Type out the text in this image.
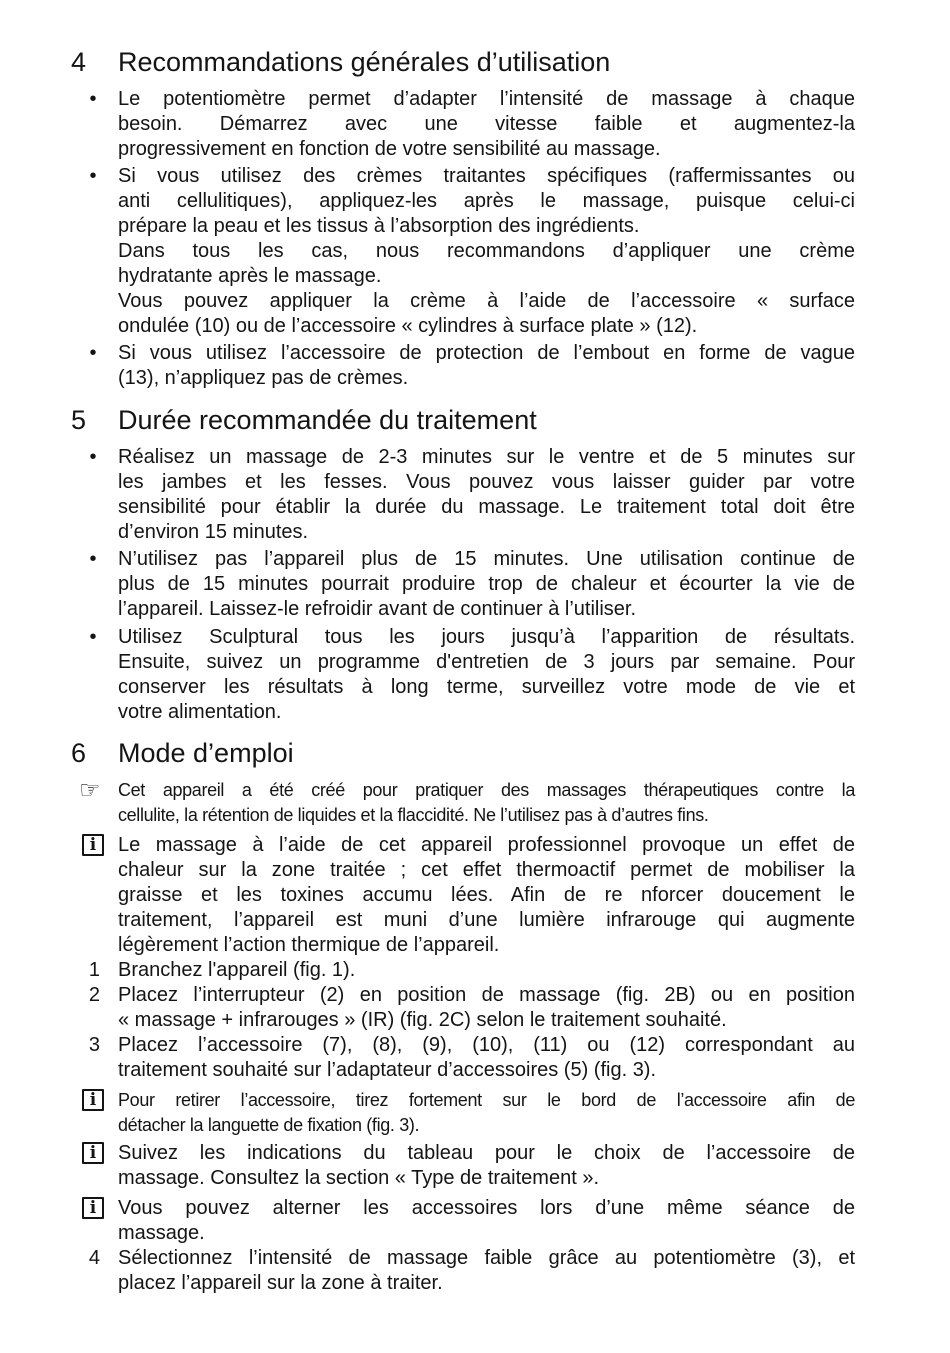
4 Recommandations générales d’utilisation
• Le potentiomètre permet d’adapter l’intensité de massage à chaque
besoin. Démarrez avec une vitesse faible et augmentez-la
progressivement en fonction de votre sensibilité au massage.

• Si vous utilisez des crèmes traitantes spécifiques (raffermissantes ou
anti cellulitiques), appliquez-les après le massage, puisque celui-ci
prépare la peau et les tissus à l’absorption des ingrédients.

Dans tous les cas, nous recommandons d’appliquer une crème
hydratante après le massage.

Vous pouvez appliquer la crème à l’aide de l’accessoire « surface
ondulée (10) ou de l’accessoire « cylindres à surface plate » (12).

• Si vous utilisez l’accessoire de protection de l’embout en forme de vague
(13), n’appliquez pas de crèmes.

5 Durée recommandée du traitement
• Réalisez un massage de 2-3 minutes sur le ventre et de 5 minutes sur
les jambes et les fesses. Vous pouvez vous laisser guider par votre
sensibilité pour établir la durée du massage. Le traitement total doit être
d’environ 15 minutes.

• N’utilisez pas l’appareil plus de 15 minutes. Une utilisation continue de
plus de 15 minutes pourrait produire trop de chaleur et écourter la vie de
l’appareil. Laissez-le refroidir avant de continuer à l’utiliser.

• Utilisez Sculptural tous les jours jusqu’à l’apparition de résultats.
Ensuite, suivez un programme d'entretien de 3 jours par semaine. Pour
conserver les résultats à long terme, surveillez votre mode de vie et
votre alimentation.

6 Mode d’emploi
☞

Cet appareil a été créé pour pratiquer des massages thérapeutiques contre la
cellulite, la rétention de liquides et la flaccidité. Ne l’utilisez pas à d’autres fins.

i

Le massage à l’aide de cet appareil professionnel provoque un effet de
chaleur sur la zone traitée ; cet effet thermoactif permet de mobiliser la
graisse et les toxines accumu lées. Afin de re nforcer doucement le
traitement, l’appareil est muni d’une lumière infrarouge qui augmente
légèrement l’action thermique de l’appareil.

1 Branchez l'appareil (fig. 1).

2 Placez l’interrupteur (2) en position de massage (fig. 2B) ou en position
« massage + infrarouges » (IR) (fig. 2C) selon le traitement souhaité.

3 Placez l’accessoire (7), (8), (9), (10), (11) ou (12) correspondant au
traitement souhaité sur l’adaptateur d’accessoires (5) (fig. 3).

i

Pour retirer l’accessoire, tirez fortement sur le bord de l’accessoire afin de
détacher la languette de fixation (fig. 3).

i

Suivez les indications du tableau pour le choix de l’accessoire de
massage. Consultez la section « Type de traitement ».

i

Vous pouvez alterner les accessoires lors d’une même séance de
massage.

4 Sélectionnez l’intensité de massage faible grâce au potentiomètre (3), et
placez l’appareil sur la zone à traiter.
